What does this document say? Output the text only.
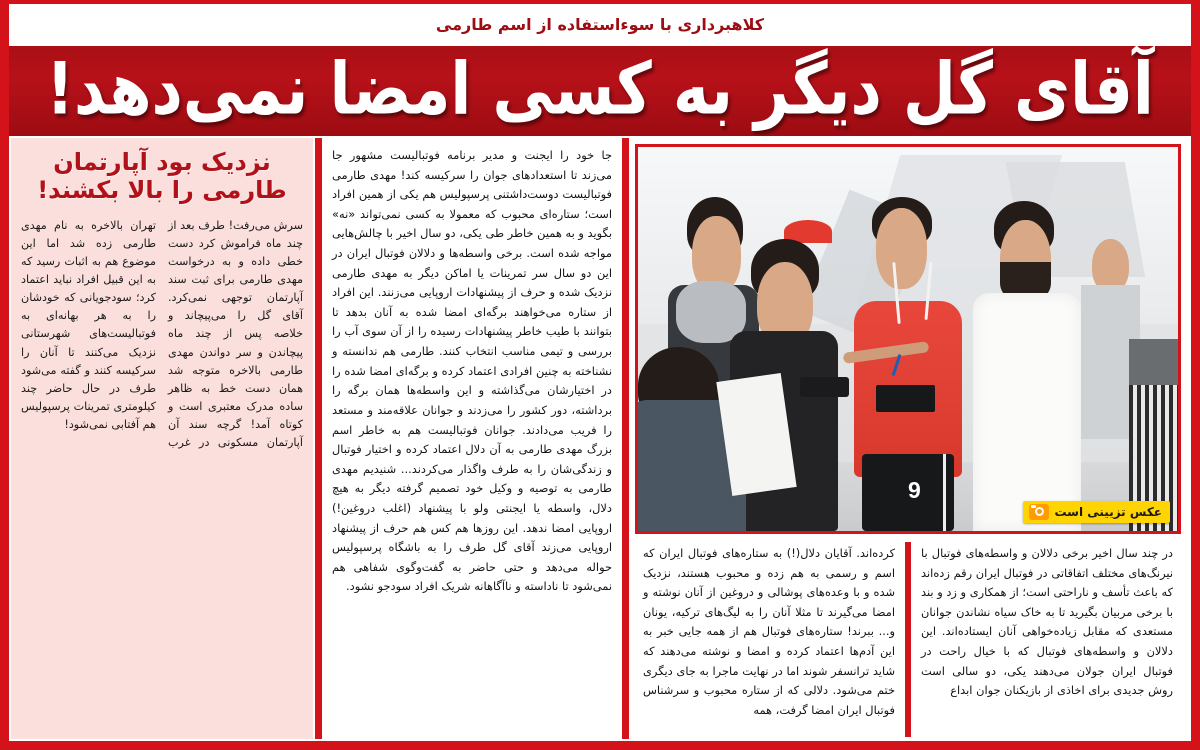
کلاهبرداری با سوءاستفاده از اسم طارمی
آقای گل دیگر به کسی امضا نمی‌دهد!
9
عکس تزیینی است
در چند سال اخیر برخی دلالان و واسطه‌های فوتبال با نیرنگ‌های مختلف اتفاقاتی در فوتبال ایران رقم زده‌اند که باعث تأسف و ناراحتی است؛ از همکاری و زد و بند با برخی مربیان بگیرید تا به خاک سیاه نشاندن جوانان مستعدی که مقابل زیاده‌خواهی آنان ایستاده‌اند. این دلالان و واسطه‌های فوتبال که با خیال راحت در فوتبال ایران جولان می‌دهند یکی، دو سالی است روش جدیدی برای اخاذی از بازیکنان جوان ابداع
کرده‌اند. آقایان دلال(!) به ستاره‌های فوتبال ایران که اسم و رسمی به هم زده و محبوب هستند، نزدیک شده و با وعده‌های پوشالی و دروغین از آنان نوشته و امضا می‌گیرند تا مثلا آنان را به لیگ‌های ترکیه، یونان و... ببرند! ستاره‌های فوتبال هم از همه جایی خبر به این آدم‌ها اعتماد کرده و امضا و نوشته می‌دهند که شاید ترانسفر شوند اما در نهایت ماجرا به جای دیگری ختم می‌شود. دلالی که از ستاره محبوب و سرشناس فوتبال ایران امضا گرفت، همه
جا خود را ایجنت و مدیر برنامه فوتبالیست مشهور جا می‌زند تا استعدادهای جوان را سرکیسه کند! مهدی طارمی فوتبالیست دوست‌داشتنی پرسپولیس هم یکی از همین افراد است؛ ستاره‌ای محبوب که معمولا به کسی نمی‌تواند «نه» بگوید و به همین خاطر طی یکی، دو سال اخیر با چالش‌هایی مواجه شده است. برخی واسطه‌ها و دلالان فوتبال ایران در این دو سال سر تمرینات یا اماکن دیگر به مهدی طارمی نزدیک شده و حرف از پیشنهادات اروپایی می‌زنند. این افراد از ستاره می‌خواهند برگه‌ای امضا شده به آنان بدهد تا بتوانند با طیب خاطر پیشنهادات رسیده را از آن سوی آب را بررسی و تیمی مناسب انتخاب کنند. طارمی هم ندانسته و نشناخته به چنین افرادی اعتماد کرده و برگه‌ای امضا شده را در اختیارشان می‌گذاشته و این واسطه‌ها همان برگه را برداشته، دور کشور را می‌زدند و جوانان علاقه‌مند و مستعد را فریب می‌دادند. جوانان فوتبالیست هم به خاطر اسم بزرگ مهدی طارمی به آن دلال اعتماد کرده و اختیار فوتبال و زندگی‌شان را به طرف واگذار می‌کردند... شنیدیم مهدی طارمی به توصیه و وکیل خود تصمیم گرفته دیگر به هیچ دلال، واسطه یا ایجنتی ولو با پیشنهاد (اغلب دروغین!) اروپایی امضا ندهد. این روزها هم کس هم حرف از پیشنهاد اروپایی می‌زند آقای گل طرف را به باشگاه پرسپولیس حواله می‌دهد و حتی حاضر به گفت‌وگوی شفاهی هم نمی‌شود تا ناداسته و ناآگاهانه شریک افراد سودجو نشود.
نزدیک بود آپارتمان طارمی را بالا بکشند!
سرش می‌رفت! طرف بعد از چند ماه فراموش کرد دست خطی داده و به درخواست مهدی طارمی برای ثبت سند آپارتمان توجهی نمی‌کرد. آقای گل را می‌پیچاند و خلاصه پس از چند ماه پیچاندن و سر دواندن مهدی طارمی بالاخره متوجه شد همان دست خط به ظاهر ساده مدرک معتبری است و کوتاه آمد! گرچه سند آن آپارتمان مسکونی در غرب تهران بالاخره به نام مهدی طارمی زده شد اما این موضوع هم به اثبات رسید که به این قبیل افراد نباید اعتماد کرد؛ سودجویانی که خودشان را به هر بهانه‌ای به فوتبالیست‌های شهرستانی نزدیک می‌کنند تا آنان را سرکیسه کنند و گفته می‌شود طرف در حال حاضر چند کیلومتری تمرینات پرسپولیس هم آفتابی نمی‌شود!
